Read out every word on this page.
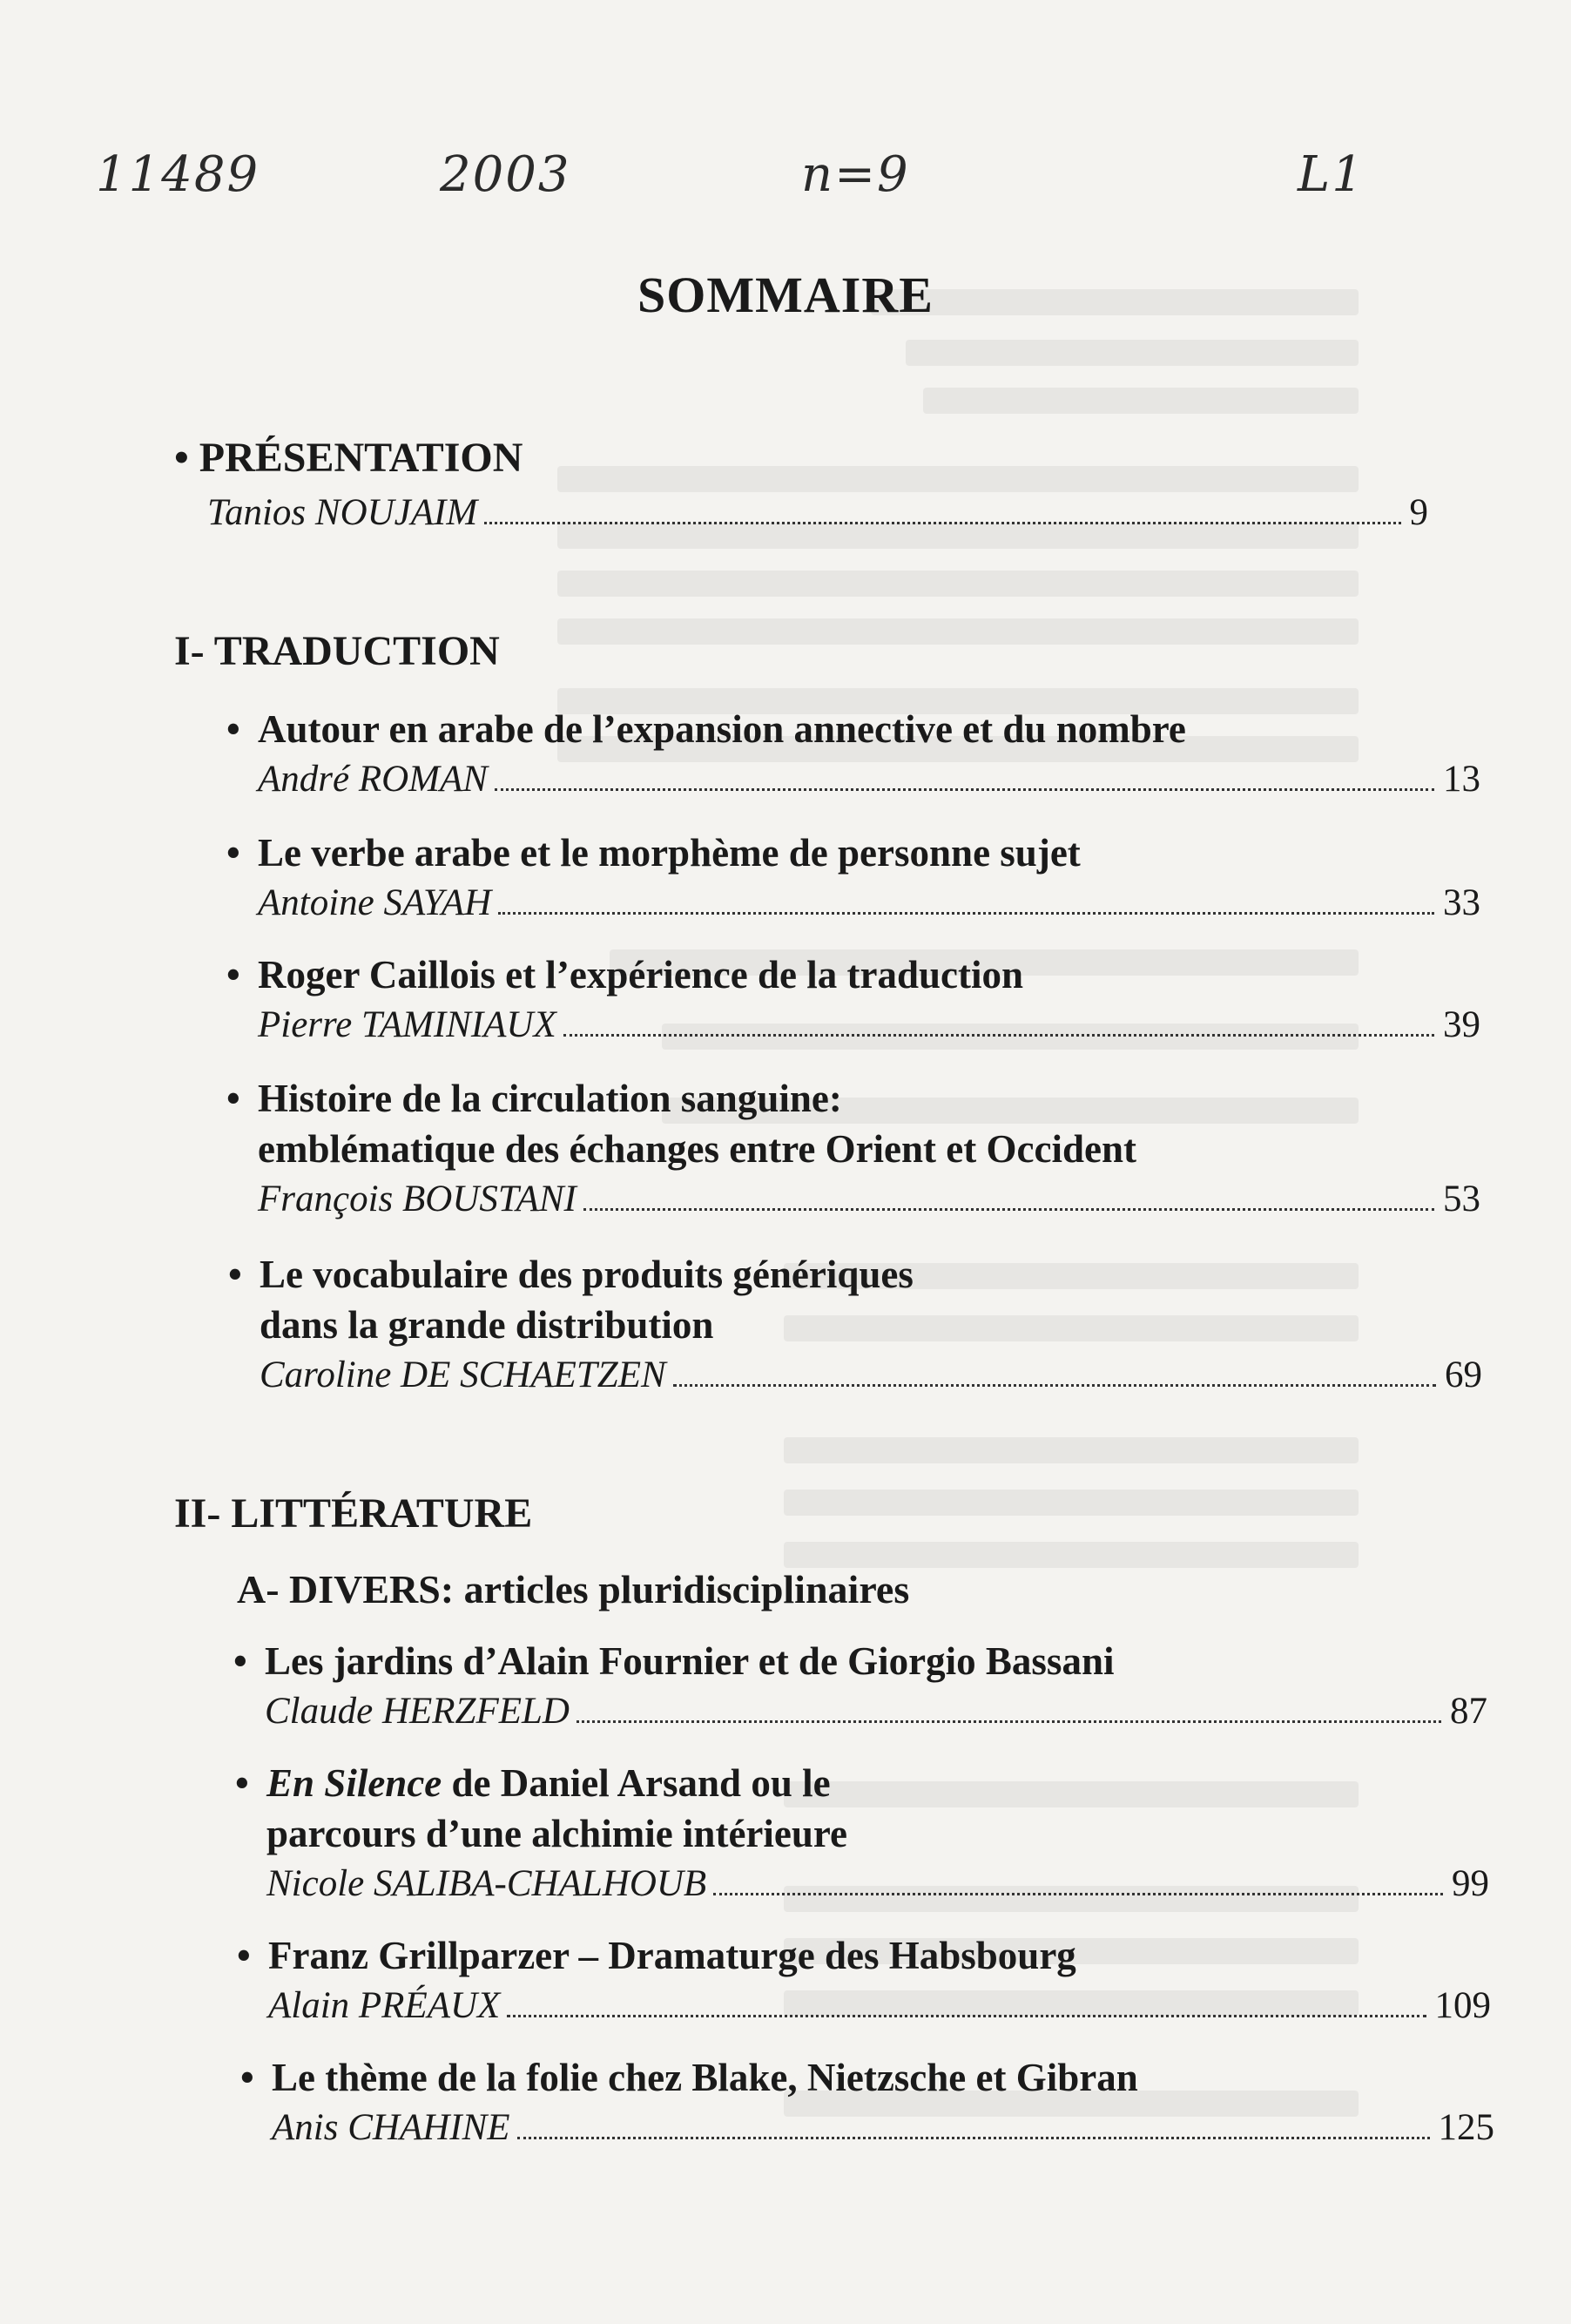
11489	2003	n=9	L1
SOMMAIRE
• PRÉSENTATION
Tanios NOUJAIM	9
I- TRADUCTION
• Autour en arabe de l’expansion annective et du nombre
André ROMAN	13
• Le verbe arabe et le morphème de personne sujet
Antoine SAYAH	33
• Roger Caillois et l’expérience de la traduction
Pierre TAMINIAUX	39
• Histoire de la circulation sanguine:
emblématique des échanges entre Orient et Occident
François BOUSTANI	53
• Le vocabulaire des produits génériques
dans la grande distribution
Caroline DE SCHAETZEN	69
II- LITTÉRATURE
A- DIVERS: articles pluridisciplinaires
• Les jardins d’Alain Fournier et de Giorgio Bassani
Claude HERZFELD	87
• En Silence de Daniel Arsand ou le
parcours d’une alchimie intérieure
Nicole SALIBA-CHALHOUB	99
• Franz Grillparzer – Dramaturge des Habsbourg
Alain PRÉAUX	109
• Le thème de la folie chez Blake, Nietzsche et Gibran
Anis CHAHINE	125
